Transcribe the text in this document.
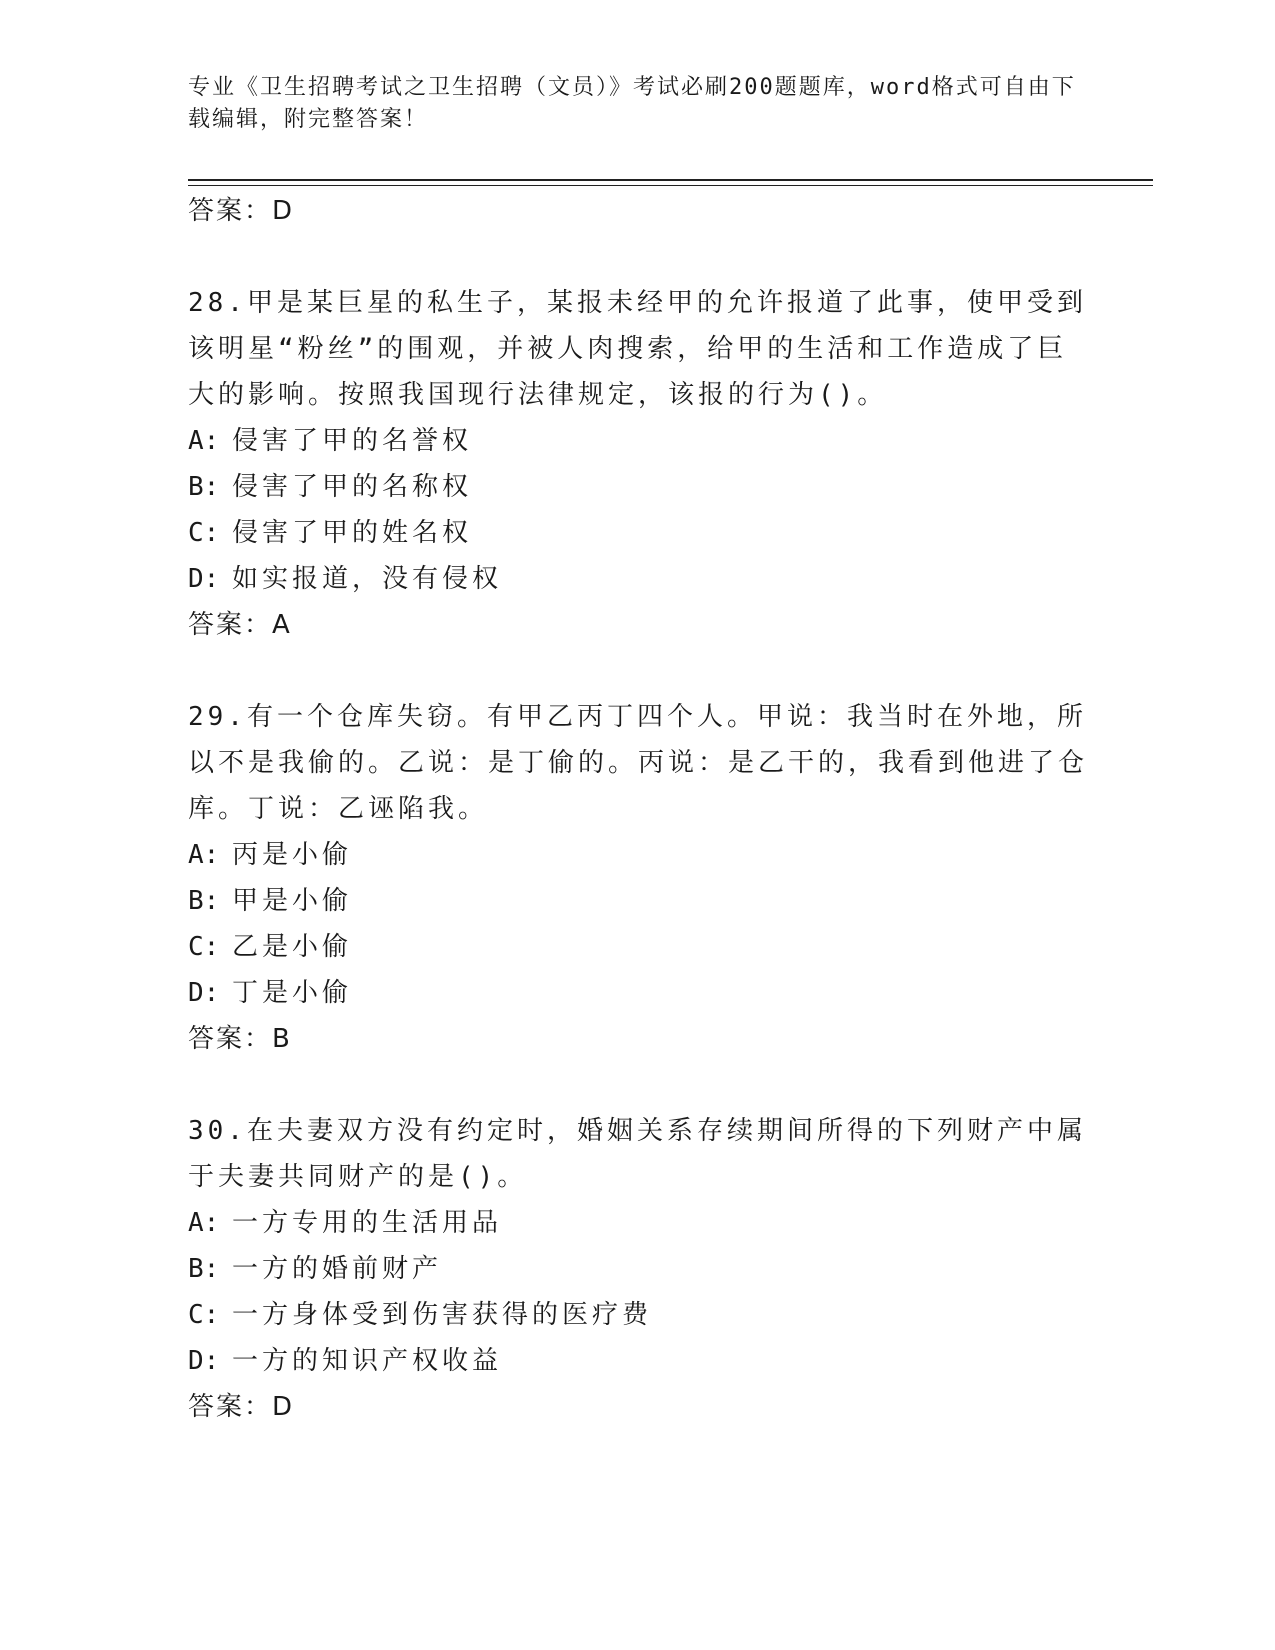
专业《卫生招聘考试之卫生招聘（文员）》考试必刷200题题库，word格式可自由下载编辑，附完整答案！
答案：D

28.甲是某巨星的私生子，某报未经甲的允许报道了此事，使甲受到该明星“粉丝”的围观，并被人肉搜索，给甲的生活和工作造成了巨大的影响。按照我国现行法律规定，该报的行为()。

A: 侵害了甲的名誉权
B: 侵害了甲的名称权
C: 侵害了甲的姓名权
D: 如实报道，没有侵权
答案：A

29.有一个仓库失窃。有甲乙丙丁四个人。甲说：我当时在外地，所以不是我偷的。乙说：是丁偷的。丙说：是乙干的，我看到他进了仓库。丁说：乙诬陷我。

A: 丙是小偷
B: 甲是小偷
C: 乙是小偷
D: 丁是小偷
答案：B

30.在夫妻双方没有约定时，婚姻关系存续期间所得的下列财产中属于夫妻共同财产的是()。

A: 一方专用的生活用品
B: 一方的婚前财产
C: 一方身体受到伤害获得的医疗费
D: 一方的知识产权收益
答案：D
